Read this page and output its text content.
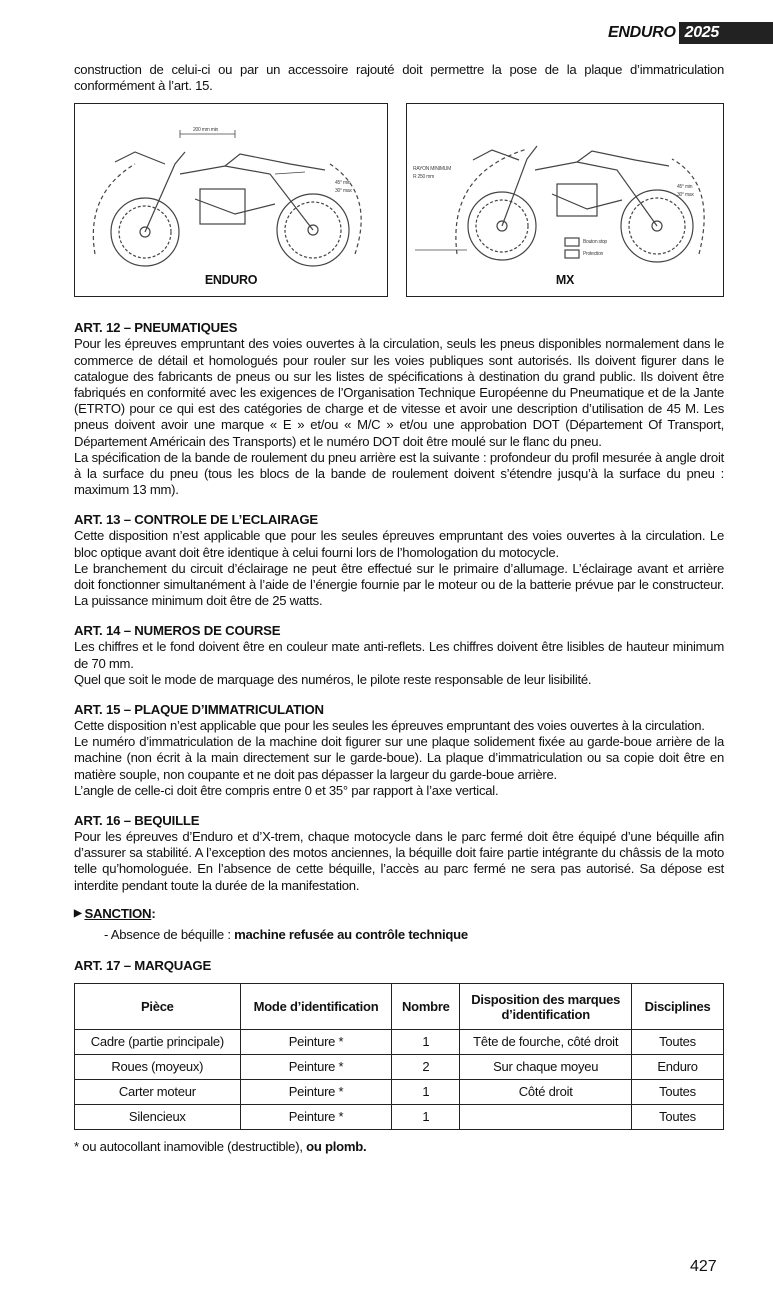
ENDURO 2025

construction de celui-ci ou par un accessoire rajouté doit permettre la pose de la plaque d’immatriculation conformément à l’art. 15.

200 mm min
45° min
30° max
ENDURO
RAYON MINIMUM
R 250 mm
45° min
30° max
Bouton stop
Protection
MX
ART. 12 – PNEUMATIQUES

Pour les épreuves empruntant des voies ouvertes à la circulation, seuls les pneus disponibles normalement dans le commerce de détail et homologués pour rouler sur les voies publiques sont autorisés. Ils doivent figurer dans le catalogue des fabricants de pneus ou sur les listes de spécifications à destination du grand public. Ils doivent être fabriqués en conformité avec les exigences de l’Organisation Technique Européenne du Pneumatique et de la Jante (ETRTO) pour ce qui est des catégories de charge et de vitesse et avoir une description d’utilisation de 45 M. Les pneus doivent avoir une marque « E » et/ou « M/C » et/ou une approbation DOT (Département Of Transport, Département Américain des Transports) et le numéro DOT doit être moulé sur le flanc du pneu.

La spécification de la bande de roulement du pneu arrière est la suivante : profondeur du profil mesurée à angle droit à la surface du pneu (tous les blocs de la bande de roulement doivent s’étendre jusqu’à la surface du pneu : maximum 13 mm).

ART. 13 – CONTROLE DE L’ECLAIRAGE

Cette disposition n’est applicable que pour les seules épreuves empruntant des voies ouvertes à la circulation. Le bloc optique avant doit être identique à celui fourni lors de l’homologation du motocycle.

Le branchement du circuit d’éclairage ne peut être effectué sur le primaire d’allumage. L’éclairage avant et arrière doit fonctionner simultanément à l’aide de l’énergie fournie par le moteur ou de la batterie prévue par le constructeur. La puissance minimum doit être de 25 watts.

ART. 14 – NUMEROS DE COURSE

Les chiffres et le fond doivent être en couleur mate anti-reflets. Les chiffres doivent être lisibles de hauteur minimum de 70 mm.

Quel que soit le mode de marquage des numéros, le pilote reste responsable de leur lisibilité.

ART. 15 – PLAQUE D’IMMATRICULATION

Cette disposition n’est applicable que pour les seules les épreuves empruntant des voies ouvertes à la circulation.

Le numéro d’immatriculation de la machine doit figurer sur une plaque solidement fixée au garde-boue arrière de la machine (non écrit à la main directement sur le garde-boue). La plaque d’immatriculation ou sa copie doit être en matière souple, non coupante et ne doit pas dépasser la largeur du garde-boue arrière.

L’angle de celle-ci doit être compris entre 0 et 35° par rapport à l’axe vertical.

ART. 16 – BEQUILLE

Pour les épreuves d’Enduro et d’X-trem, chaque motocycle dans le parc fermé doit être équipé d’une béquille afin d’assurer sa stabilité. A l’exception des motos anciennes, la béquille doit faire partie intégrante du châssis de la moto telle qu’homologuée. En l’absence de cette béquille, l’accès au parc fermé ne sera pas autorisé. Sa dépose est interdite pendant toute la durée de la manifestation.

▶ SANCTION :
- Absence de béquille : machine refusée au contrôle technique
ART. 17 – MARQUAGE
Pièce	Mode d’identification	Nombre	Disposition des marques d’identification	Disciplines
Cadre (partie principale)	Peinture *	1	Tête de fourche, côté droit	Toutes
Roues (moyeux)	Peinture *	2	Sur chaque moyeu	Enduro
Carter moteur	Peinture *	1	Côté droit	Toutes
Silencieux	Peinture *	1		Toutes

* ou autocollant inamovible (destructible), ou plomb.

427
